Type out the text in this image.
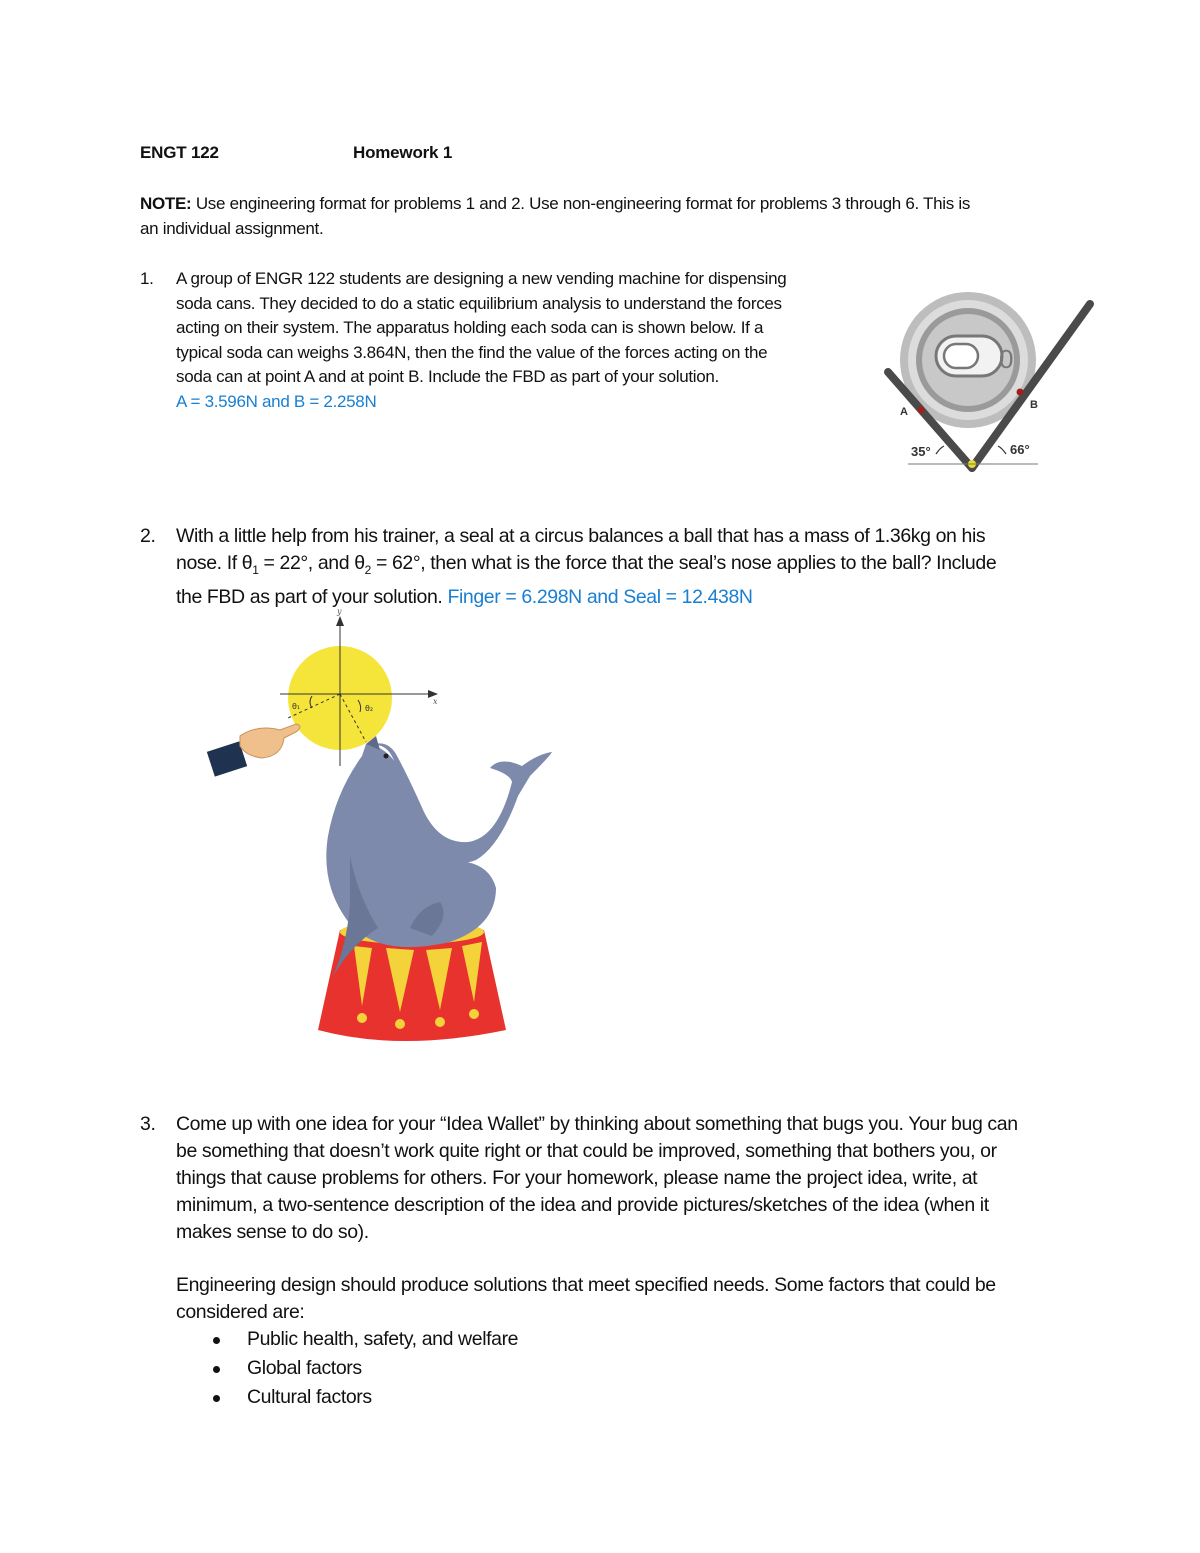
ENGT 122	Homework 1
NOTE: Use engineering format for problems 1 and 2. Use non-engineering format for problems 3 through 6. This is
an individual assignment.
1. A group of ENGR 122 students are designing a new vending machine for dispensing
soda cans. They decided to do a static equilibrium analysis to understand the forces
acting on their system. The apparatus holding each soda can is shown below. If a
typical soda can weighs 3.864N, then the find the value of the forces acting on the
soda can at point A and at point B. Include the FBD as part of your solution.
A = 3.596N and B = 2.258N
0
A
B
35°	66°
2. With a little help from his trainer, a seal at a circus balances a ball that has a mass of 1.36kg on his
nose. If $\theta_1 = 22^\circ$, and $\theta_2 = 62^\circ$, then what is the force that the seal’s nose applies to the ball? Include
the FBD as part of your solution. Finger = 6.298N and Seal = 12.438N
y
x
θ₁	θ₂
3. Come up with one idea for your “Idea Wallet” by thinking about something that bugs you. Your bug can
be something that doesn’t work quite right or that could be improved, something that bothers you, or
things that cause problems for others. For your homework, please name the project idea, write, at
minimum, a two-sentence description of the idea and provide pictures/sketches of the idea (when it
makes sense to do so).
Engineering design should produce solutions that meet specified needs. Some factors that could be
considered are:
Public health, safety, and welfare
Global factors
Cultural factors
